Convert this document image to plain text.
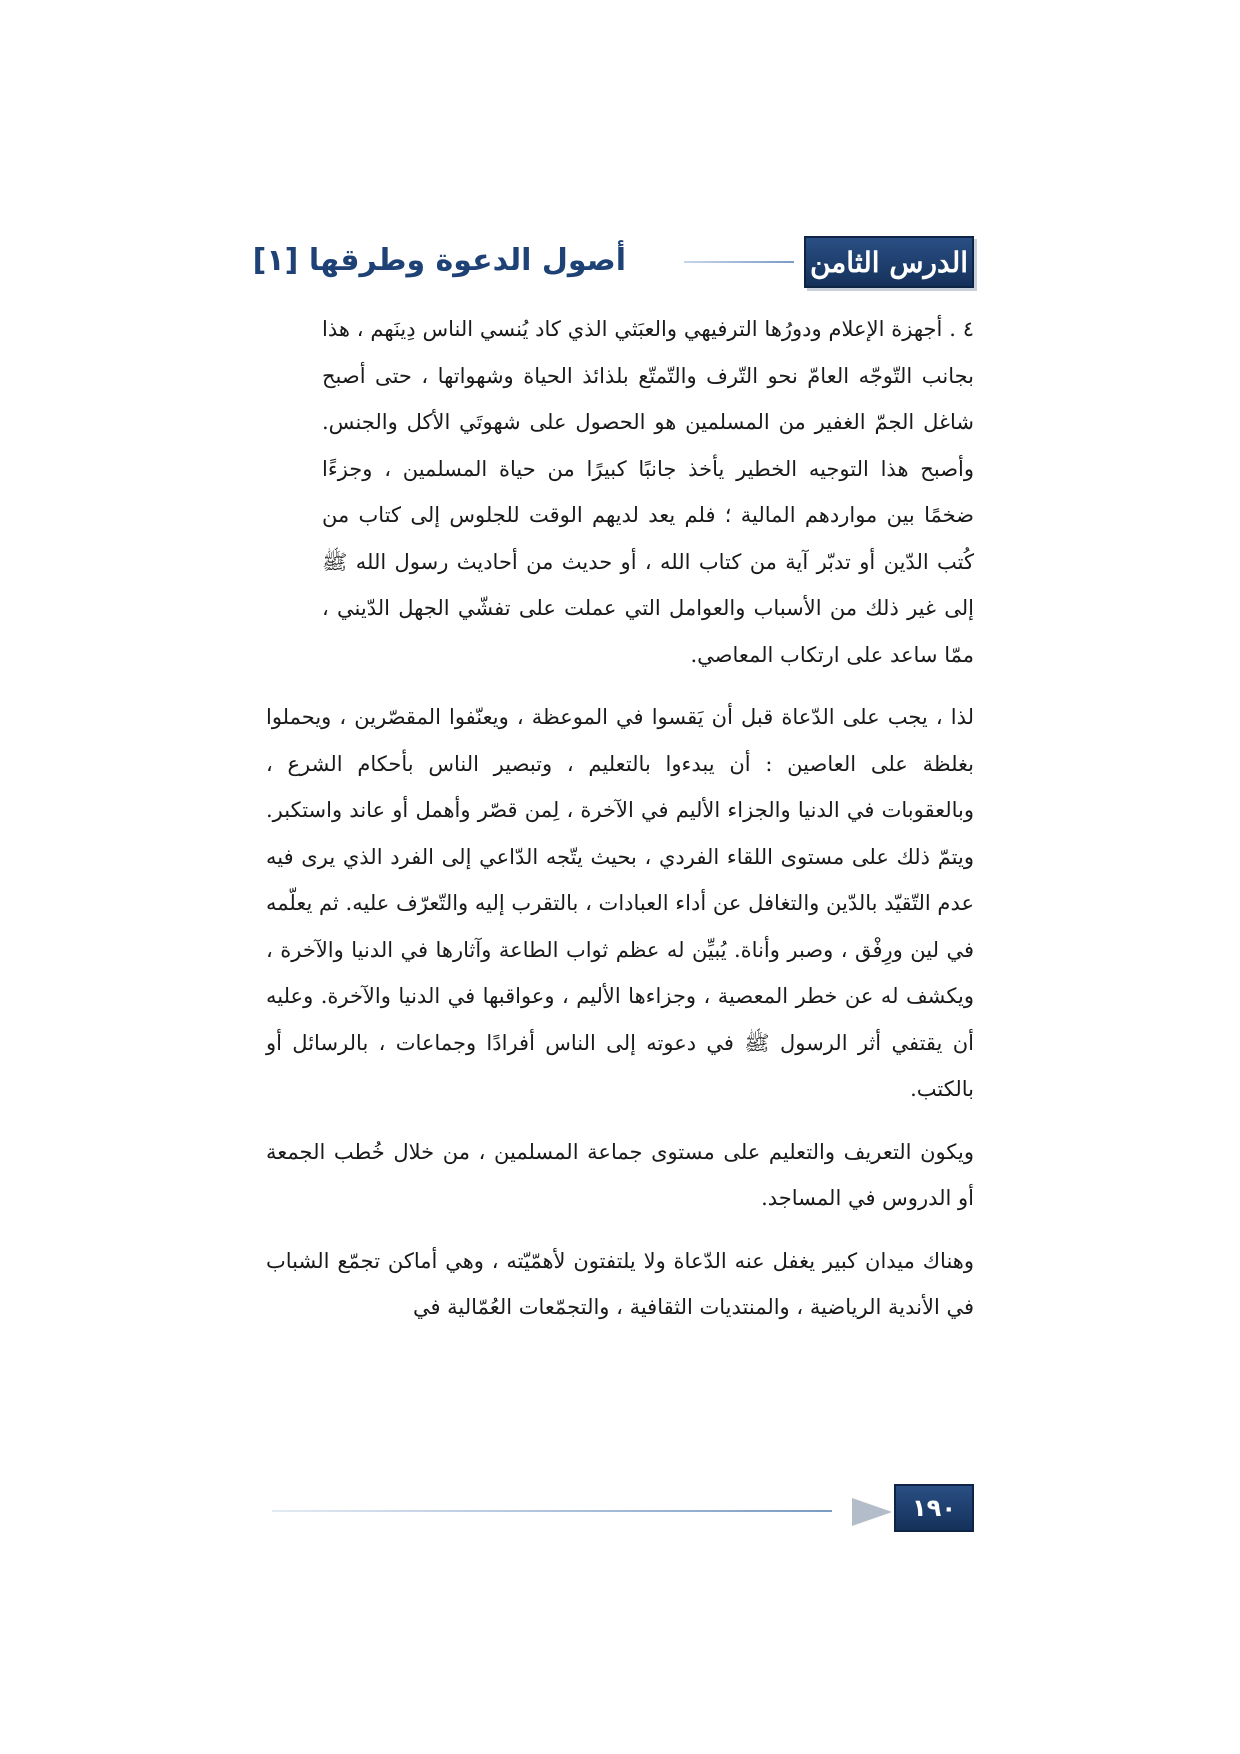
أصول الدعوة وطرقها [١]	الدرس الثامن

٤ . أجهزة الإعلام ودورُها الترفيهي والعبَثي الذي كاد يُنسي الناس دِينَهم ، هذا بجانب التّوجّه العامّ نحو التّرف والتّمتّع بلذائذ الحياة وشهواتها ، حتى أصبح شاغل الجمّ الغفير من المسلمين هو الحصول على شهوتَي الأكل والجنس. وأصبح هذا التوجيه الخطير يأخذ جانبًا كبيرًا من حياة المسلمين ، وجزءًا ضخمًا بين مواردهم المالية ؛ فلم يعد لديهم الوقت للجلوس إلى كتاب من كُتب الدّين أو تدبّر آية من كتاب الله ، أو حديث من أحاديث رسول الله ﷺ إلى غير ذلك من الأسباب والعوامل التي عملت على تفشّي الجهل الدّيني ، ممّا ساعد على ارتكاب المعاصي.

لذا ، يجب على الدّعاة قبل أن يَقسوا في الموعظة ، ويعنّفوا المقصّرين ، ويحملوا بغلظة على العاصين : أن يبدءوا بالتعليم ، وتبصير الناس بأحكام الشرع ، وبالعقوبات في الدنيا والجزاء الأليم في الآخرة ، لِمن قصّر وأهمل أو عاند واستكبر. ويتمّ ذلك على مستوى اللقاء الفردي ، بحيث يتّجه الدّاعي إلى الفرد الذي يرى فيه عدم التّقيّد بالدّين والتغافل عن أداء العبادات ، بالتقرب إليه والتّعرّف عليه. ثم يعلّمه في لين ورِفْق ، وصبر وأناة. يُبيِّن له عظم ثواب الطاعة وآثارها في الدنيا والآخرة ، ويكشف له عن خطر المعصية ، وجزاءها الأليم ، وعواقبها في الدنيا والآخرة. وعليه أن يقتفي أثر الرسول ﷺ في دعوته إلى الناس أفرادًا وجماعات ، بالرسائل أو بالكتب.

ويكون التعريف والتعليم على مستوى جماعة المسلمين ، من خلال خُطب الجمعة أو الدروس في المساجد.

وهناك ميدان كبير يغفل عنه الدّعاة ولا يلتفتون لأهمّيّته ، وهي أماكن تجمّع الشباب في الأندية الرياضية ، والمنتديات الثقافية ، والتجمّعات العُمّالية في

١٩٠
